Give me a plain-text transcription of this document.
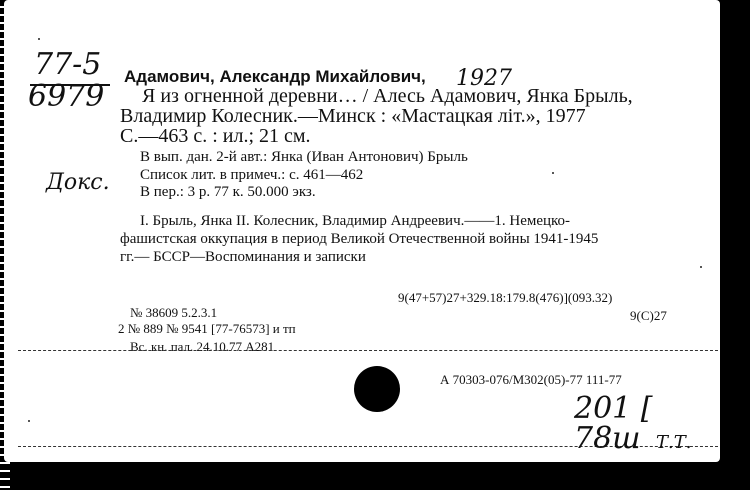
77-5
6979
1927
Докс.
Адамович, Александр Михайлович,
Я из огненной деревни… / Алесь Адамович, Янка Брыль,
Владимир Колесник.—Минск : «Мастацкая літ.», 1977
С.—463 с. : ил.; 21 см.
В вып. дан. 2-й авт.: Янка (Иван Антонович) Брыль
Список лит. в примеч.: с. 461—462
В пер.: 3 р. 77 к. 50.000 экз.
I. Брыль, Янка II. Колесник, Владимир Андреевич.——1. Немецко-
фашистская оккупация в период Великой Отечественной войны 1941-1945
гг.— БССР—Воспоминания и записки
9(47+57)27+329.18:179.8(476)](093.32)
9(С)27
№ 38609 5.2.3.1
2 № 889 № 9541 [77-76573] и тп
Вс. кн. пал. 24.10.77 А281
А 70303-076/М302(05)-77 111-77
201 [ 78ш Т.Т.
